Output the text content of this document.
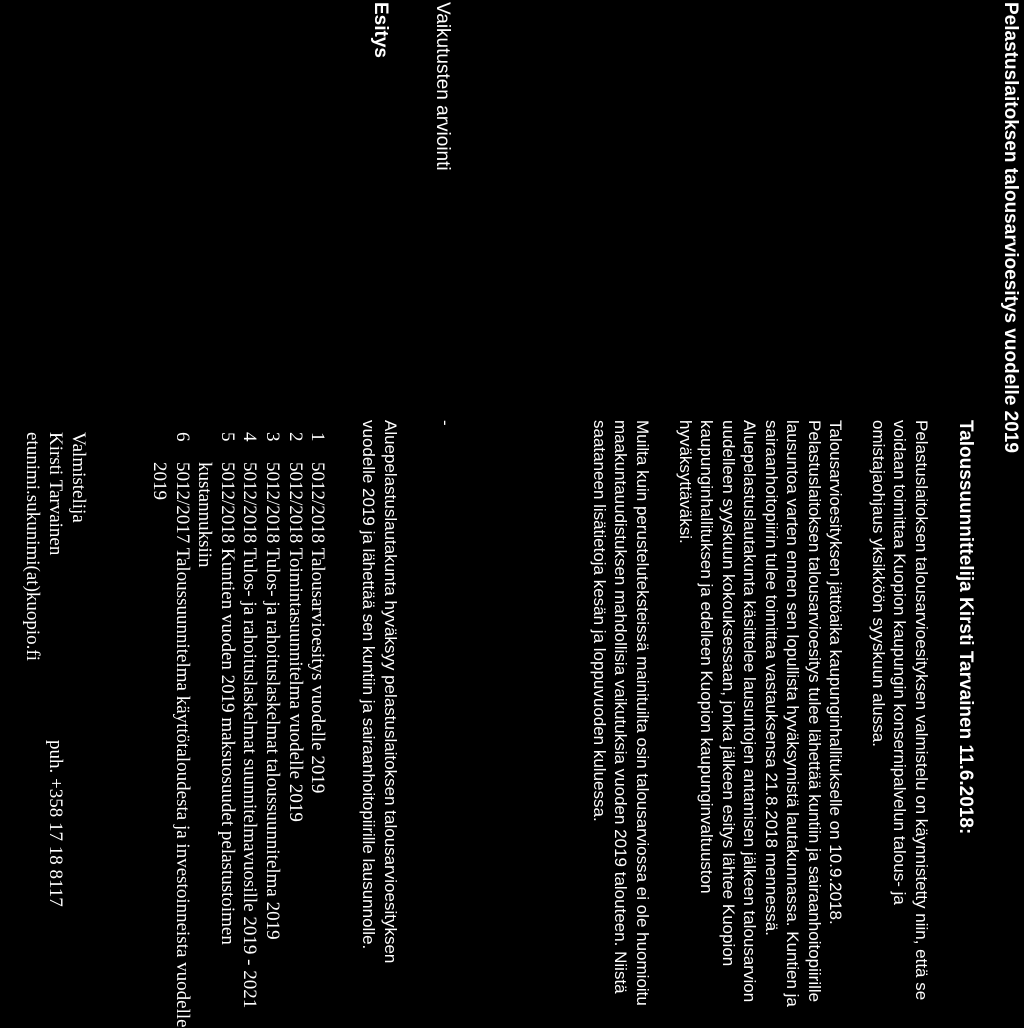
Pelastuslaitoksen talousarvioesitys vuodelle 2019
Vaikutusten arviointi
Esitys
Taloussuunnittelija Kirsti Tarvainen 11.6.2018:
Pelastuslaitoksen talousarvioesityksen valmistelu on käynnistetty niin, että se
voidaan toimittaa Kuopion kaupungin konsernipalvelun talous- ja
omistajaohjaus yksikköön syyskuun alussa.
Talousarvioesityksen jättöaika kaupunginhallitukselle on 10.9.2018.
Pelastuslaitoksen talousarvioesitys tulee lähettää kuntiin ja sairaanhoitopiirille
lausuntoa varten ennen sen lopullista hyväksymistä lautakunnassa. Kuntien ja
sairaanhoitopiirin tulee toimittaa vastauksensa 21.8.2018 mennessä.
Aluepelastuslautakunta käsittelee lausuntojen antamisen jälkeen talousarvion
uudelleen syyskuun kokouksessaan, jonka jälkeen esitys lähtee Kuopion
kaupunginhallituksen ja edelleen Kuopion kaupunginvaltuuston
hyväksyttäväksi.
Muilta kuin perusteluteksteissä mainituilta osin talousarviossa ei ole huomioitu
maakuntauudistuksen mahdollisia vaikutuksia vuoden 2019 talouteen. Niistä
saataneen lisätietoja kesän ja loppuvuoden kuluessa.
-
Aluepelastuslautakunta hyväksyy pelastuslaitoksen talousarvioesityksen
vuodelle 2019 ja lähettää sen kuntiin ja sairaanhoitopiirille lausunnolle.
1
5012/2018 Talousarvioesitys vuodelle 2019
2
5012/2018 Toimintasuunnitelma vuodelle 2019
3
5012/2018 Tulos- ja rahoituslaskelmat taloussuunnitelma 2019
4
5012/2018 Tulos- ja rahoituslaskelmat suunnitelmavuosille 2019 - 2021
5
5012/2018 Kuntien vuoden 2019 maksuosuudet pelastustoimen
kustannuksiin
6
5012/2017 Taloussuunnitelma käyttötaloudesta ja investoinneista vuodelle
2019
Valmistelija
Kirsti Tarvainen
puh. +358 17 18 8117
etunimi.sukunimi(at)kuopio.fi
